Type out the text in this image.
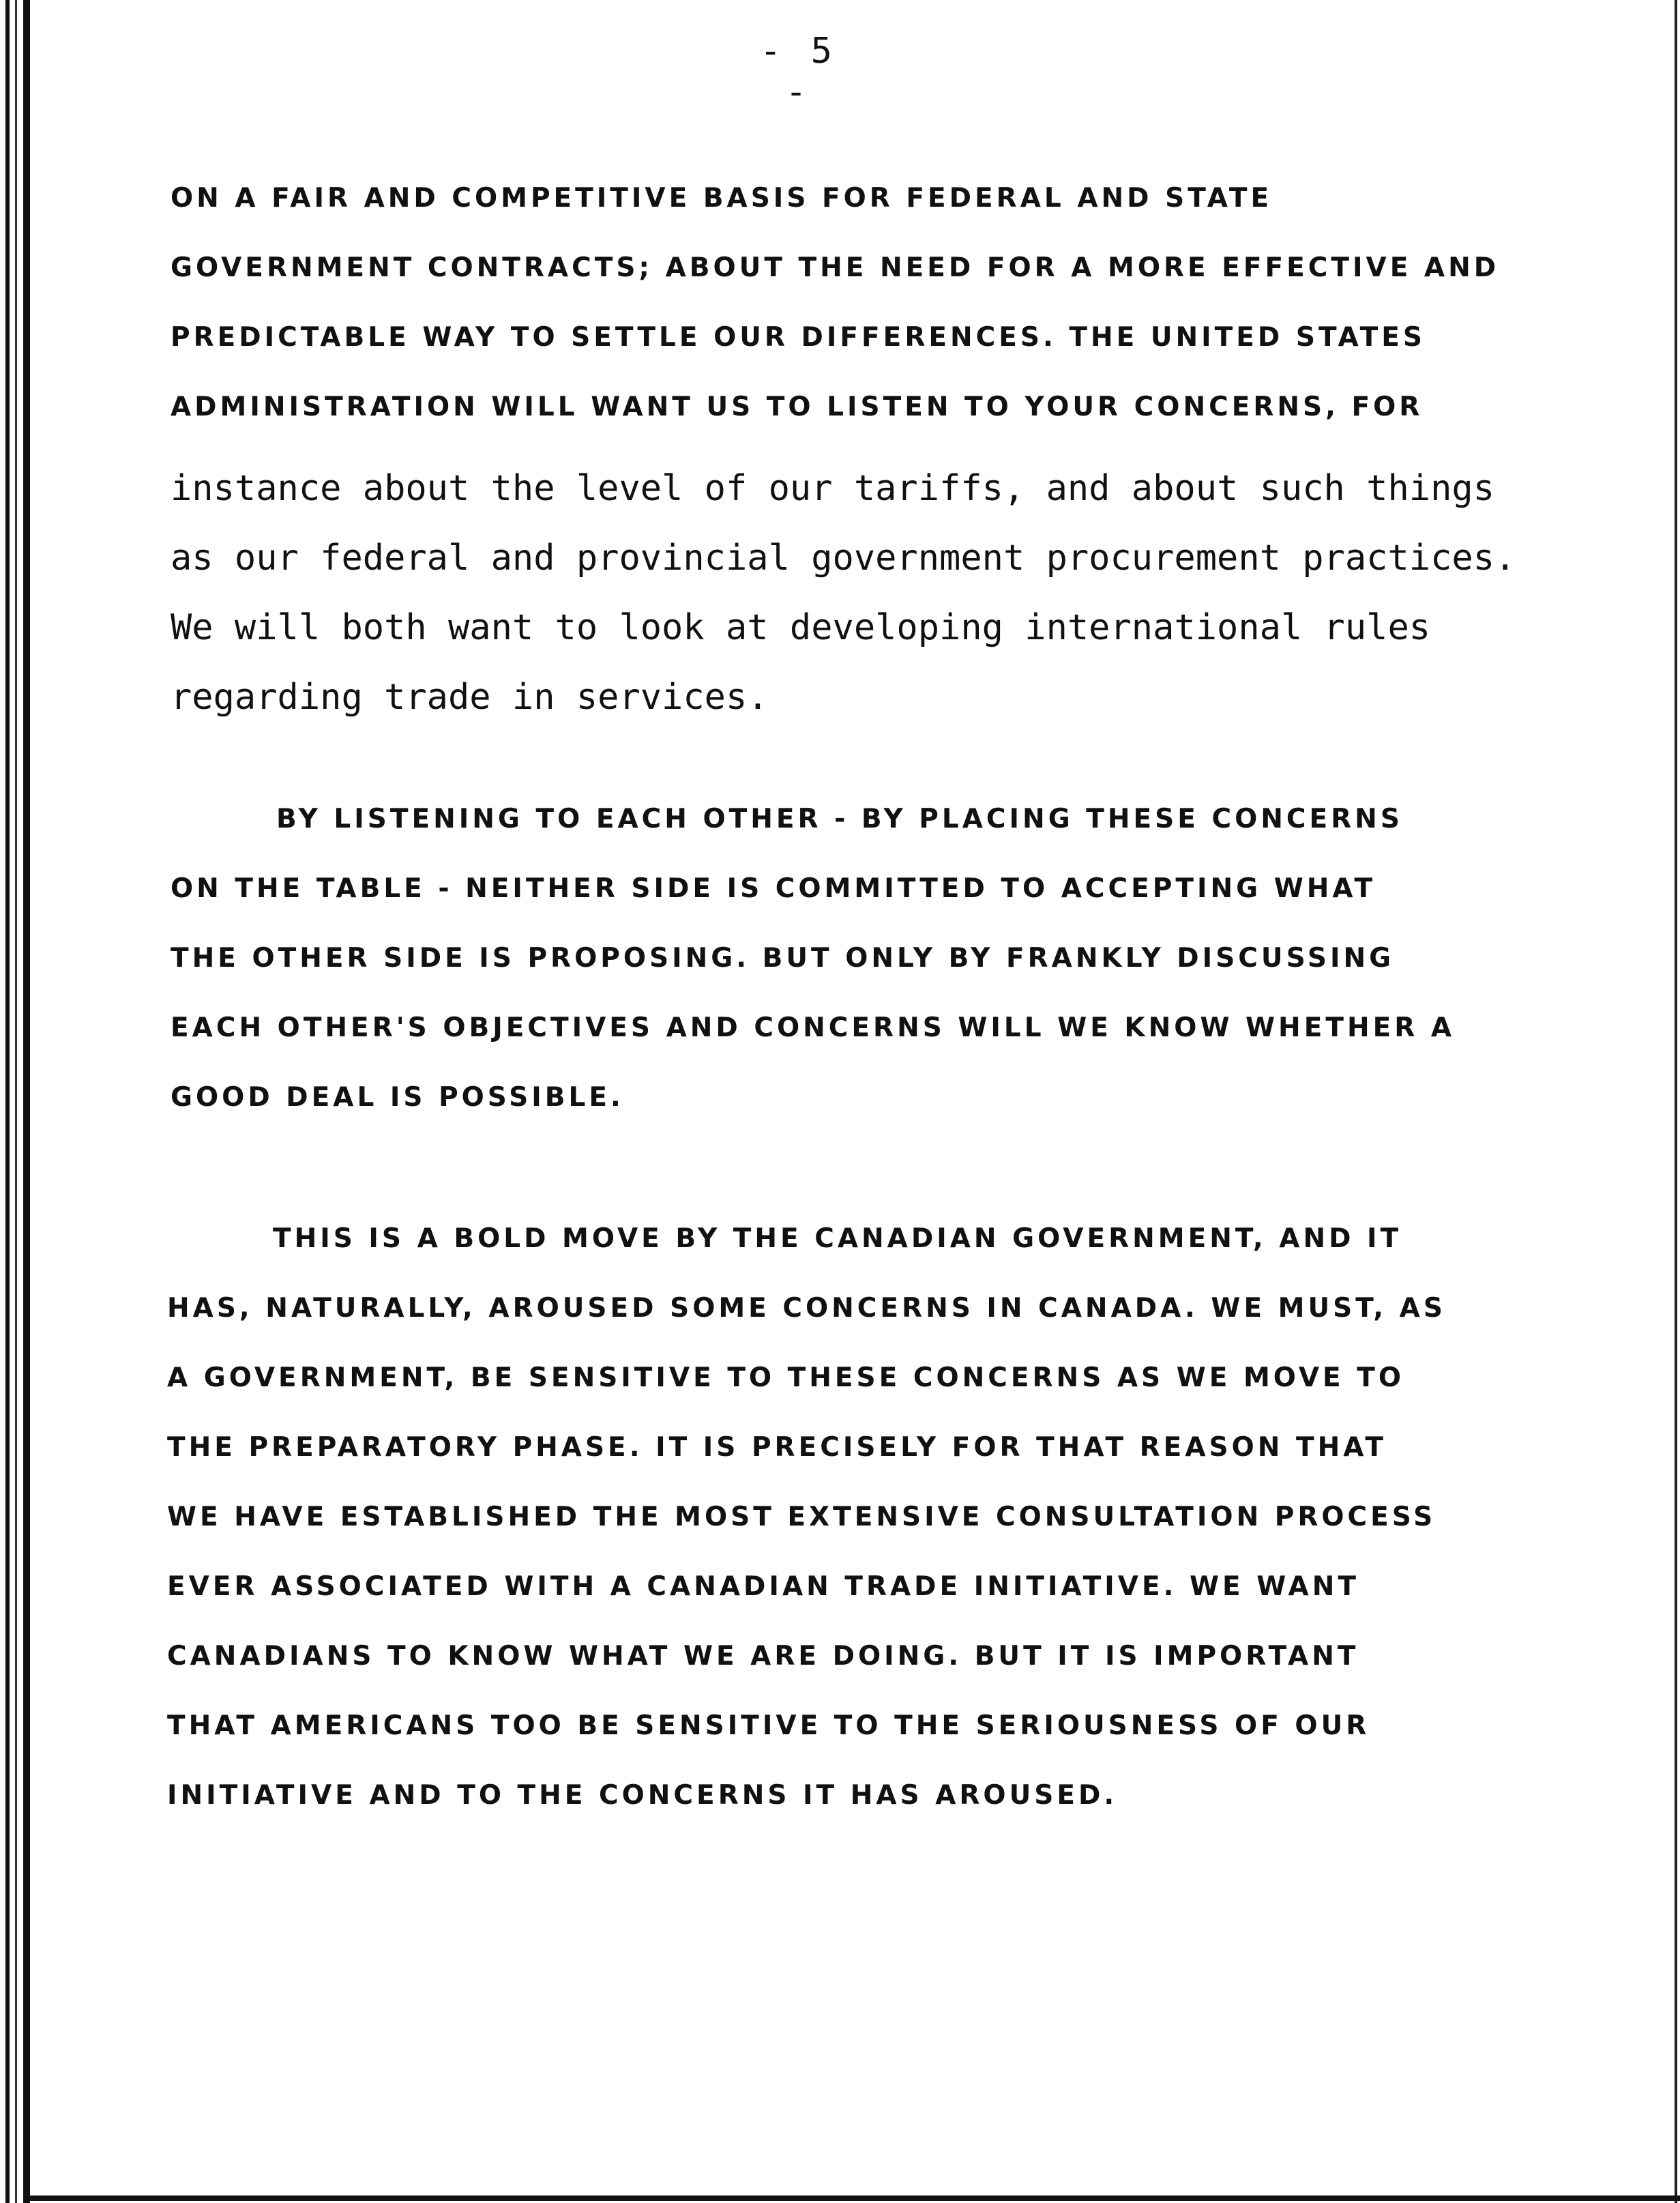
- 5 -
ON A FAIR AND COMPETITIVE BASIS FOR FEDERAL AND STATE
GOVERNMENT CONTRACTS; ABOUT THE NEED FOR A MORE EFFECTIVE AND
PREDICTABLE WAY TO SETTLE OUR DIFFERENCES. THE UNITED STATES
ADMINISTRATION WILL WANT US TO LISTEN TO YOUR CONCERNS, FOR
instance about the level of our tariffs, and about such things
as our federal and provincial government procurement practices.
We will both want to look at developing international rules
regarding trade in services.
BY LISTENING TO EACH OTHER - BY PLACING THESE CONCERNS
ON THE TABLE - NEITHER SIDE IS COMMITTED TO ACCEPTING WHAT
THE OTHER SIDE IS PROPOSING. BUT ONLY BY FRANKLY DISCUSSING
EACH OTHER'S OBJECTIVES AND CONCERNS WILL WE KNOW WHETHER A
GOOD DEAL IS POSSIBLE.
THIS IS A BOLD MOVE BY THE CANADIAN GOVERNMENT, AND IT
HAS, NATURALLY, AROUSED SOME CONCERNS IN CANADA. WE MUST, AS
A GOVERNMENT, BE SENSITIVE TO THESE CONCERNS AS WE MOVE TO
THE PREPARATORY PHASE. IT IS PRECISELY FOR THAT REASON THAT
WE HAVE ESTABLISHED THE MOST EXTENSIVE CONSULTATION PROCESS
EVER ASSOCIATED WITH A CANADIAN TRADE INITIATIVE. WE WANT
CANADIANS TO KNOW WHAT WE ARE DOING. BUT IT IS IMPORTANT
THAT AMERICANS TOO BE SENSITIVE TO THE SERIOUSNESS OF OUR
INITIATIVE AND TO THE CONCERNS IT HAS AROUSED.
